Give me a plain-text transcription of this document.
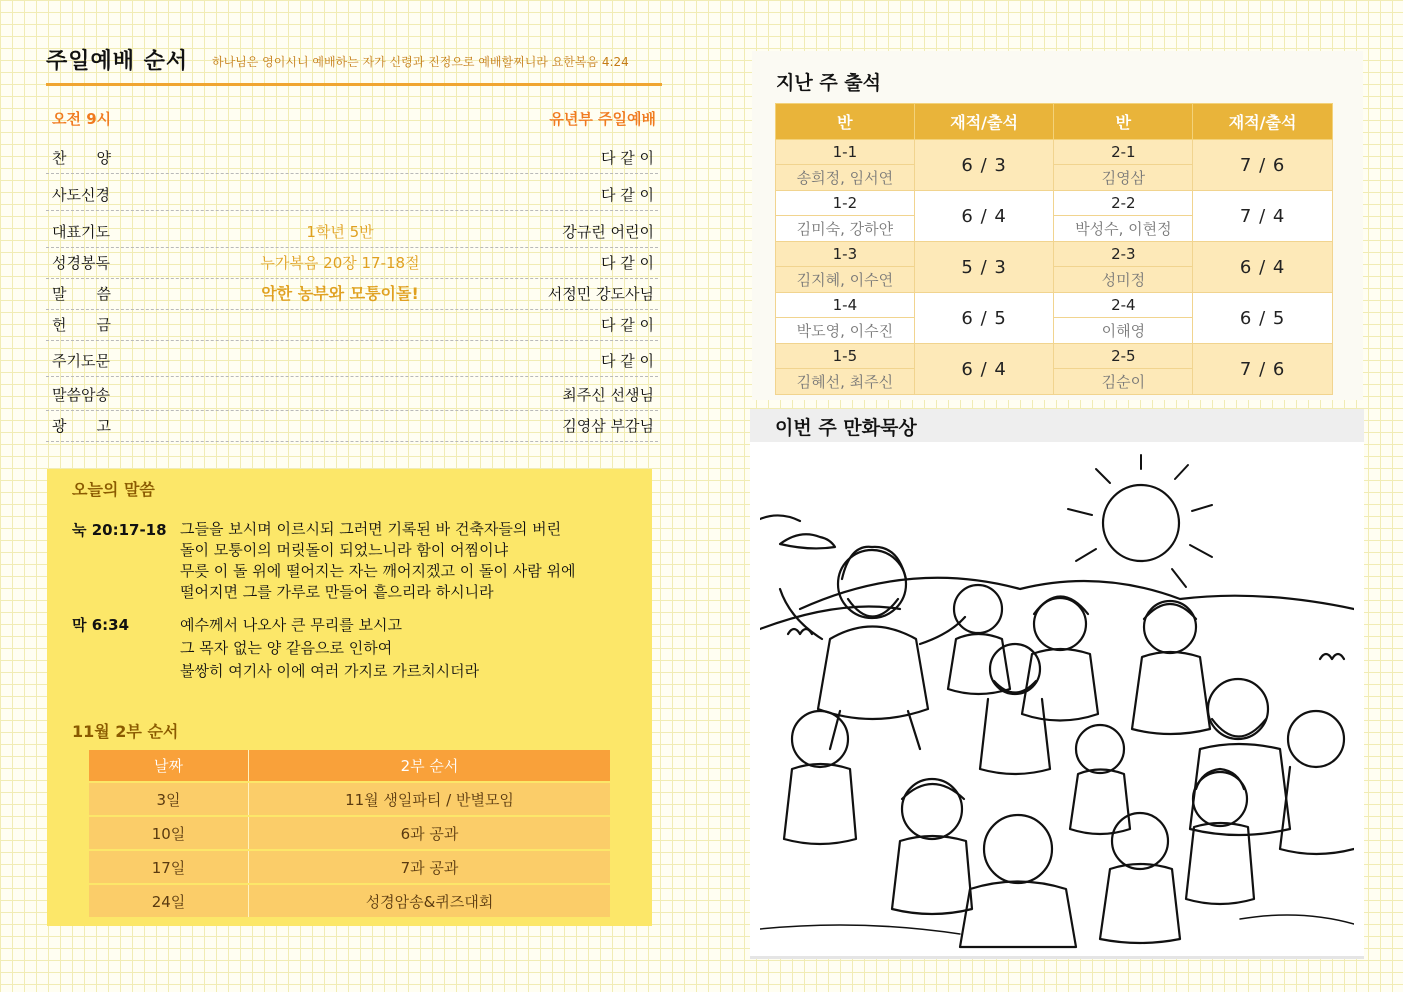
주일예배 순서 하나님은 영이시니 예배하는 자가 신령과 진정으로 예배할찌니라 요한복음 4:24
오전 9시	유년부 주일예배
찬　　양	다 같 이
사도신경	다 같 이
대표기도	1학년 5반	강규린 어린이
성경봉독	누가복음 20장 17-18절	다 같 이
말　　씀	악한 농부와 모퉁이돌!	서정민 강도사님
헌　　금	다 같 이
주기도문	다 같 이
말씀암송	최주신 선생님
광　　고	김영삼 부감님
오늘의 말씀
눅 20:17-18 그들을 보시며 이르시되 그러면 기록된 바 건축자들의 버린
돌이 모퉁이의 머릿돌이 되었느니라 함이 어찜이냐
무릇 이 돌 위에 떨어지는 자는 깨어지겠고 이 돌이 사람 위에
떨어지면 그를 가루로 만들어 흩으리라 하시니라
막 6:34	예수께서 나오사 큰 무리를 보시고
그 목자 없는 양 같음으로 인하여
불쌍히 여기사 이에 여러 가지로 가르치시더라
11월 2부 순서
날짜	2부 순서
3일	11월 생일파티 / 반별모임
10일	6과 공과
17일	7과 공과
24일	성경암송&퀴즈대회
지난 주 출석
반	재적/출석	반	재적/출석
1-1	6 / 3	2-1	7 / 6
송희정, 임서연		김영삼	
1-2	6 / 4	2-2	7 / 4
김미숙, 강하얀		박성수, 이현정	
1-3	5 / 3	2-3	6 / 4
김지혜, 이수연		성미정	
1-4	6 / 5	2-4	6 / 5
박도영, 이수진		이해영	
1-5	6 / 4	2-5	7 / 6
김혜선, 최주신		김순이	
이번 주 만화묵상
